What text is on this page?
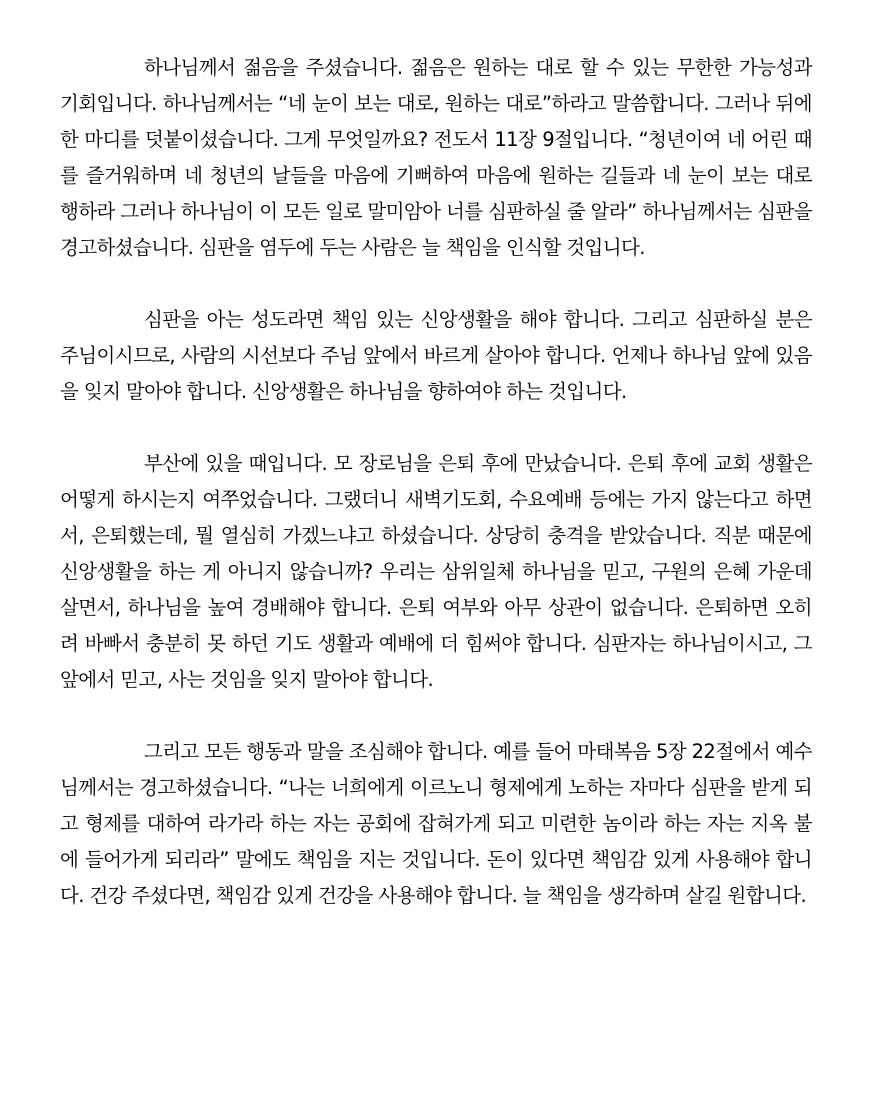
하나님께서 젊음을 주셨습니다. 젊음은 원하는 대로 할 수 있는 무한한 가능성과 기회입니다. 하나님께서는 “네 눈이 보는 대로, 원하는 대로”하라고 말씀합니다. 그러나 뒤에 한 마디를 덧붙이셨습니다. 그게 무엇일까요? 전도서 11장 9절입니다. “청년이여 네 어린 때를 즐거워하며 네 청년의 날들을 마음에 기뻐하여 마음에 원하는 길들과 네 눈이 보는 대로 행하라 그러나 하나님이 이 모든 일로 말미암아 너를 심판하실 줄 알라” 하나님께서는 심판을 경고하셨습니다. 심판을 염두에 두는 사람은 늘 책임을 인식할 것입니다.

심판을 아는 성도라면 책임 있는 신앙생활을 해야 합니다. 그리고 심판하실 분은 주님이시므로, 사람의 시선보다 주님 앞에서 바르게 살아야 합니다. 언제나 하나님 앞에 있음을 잊지 말아야 합니다. 신앙생활은 하나님을 향하여야 하는 것입니다.

부산에 있을 때입니다. 모 장로님을 은퇴 후에 만났습니다. 은퇴 후에 교회 생활은 어떻게 하시는지 여쭈었습니다. 그랬더니 새벽기도회, 수요예배 등에는 가지 않는다고 하면서, 은퇴했는데, 뭘 열심히 가겠느냐고 하셨습니다. 상당히 충격을 받았습니다. 직분 때문에 신앙생활을 하는 게 아니지 않습니까? 우리는 삼위일체 하나님을 믿고, 구원의 은혜 가운데 살면서, 하나님을 높여 경배해야 합니다. 은퇴 여부와 아무 상관이 없습니다. 은퇴하면 오히려 바빠서 충분히 못 하던 기도 생활과 예배에 더 힘써야 합니다. 심판자는 하나님이시고, 그 앞에서 믿고, 사는 것임을 잊지 말아야 합니다.

그리고 모든 행동과 말을 조심해야 합니다. 예를 들어 마태복음 5장 22절에서 예수님께서는 경고하셨습니다. “나는 너희에게 이르노니 형제에게 노하는 자마다 심판을 받게 되고 형제를 대하여 라가라 하는 자는 공회에 잡혀가게 되고 미련한 놈이라 하는 자는 지옥 불에 들어가게 되리라” 말에도 책임을 지는 것입니다. 돈이 있다면 책임감 있게 사용해야 합니다. 건강 주셨다면, 책임감 있게 건강을 사용해야 합니다. 늘 책임을 생각하며 살길 원합니다.
